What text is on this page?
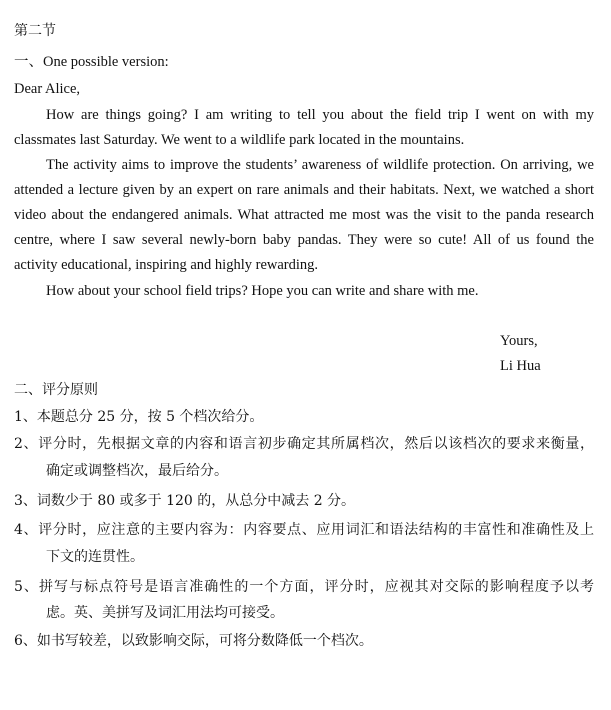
第二节
一、One possible version:
Dear Alice,
How are things going? I am writing to tell you about the field trip I went on with my
classmates last Saturday. We went to a wildlife park located in the mountains.
The activity aims to improve the students’ awareness of wildlife protection. On arriving, we
attended a lecture given by an expert on rare animals and their habitats. Next, we watched a short
video about the endangered animals. What attracted me most was the visit to the panda research
centre, where I saw several newly-born baby pandas. They were so cute! All of us found the
activity educational, inspiring and highly rewarding.
How about your school field trips? Hope you can write and share with me.
Yours,
Li Hua
二、评分原则
1、本题总分 25 分，按 5 个档次给分。
2、评分时，先根据文章的内容和语言初步确定其所属档次，然后以该档次的要求来衡量，
确定或调整档次，最后给分。
3、词数少于 80 或多于 120 的，从总分中减去 2 分。
4、评分时，应注意的主要内容为：内容要点、应用词汇和语法结构的丰富性和准确性及上
下文的连贯性。
5、拼写与标点符号是语言准确性的一个方面，评分时，应视其对交际的影响程度予以考
虑。英、美拼写及词汇用法均可接受。
6、如书写较差，以致影响交际，可将分数降低一个档次。
